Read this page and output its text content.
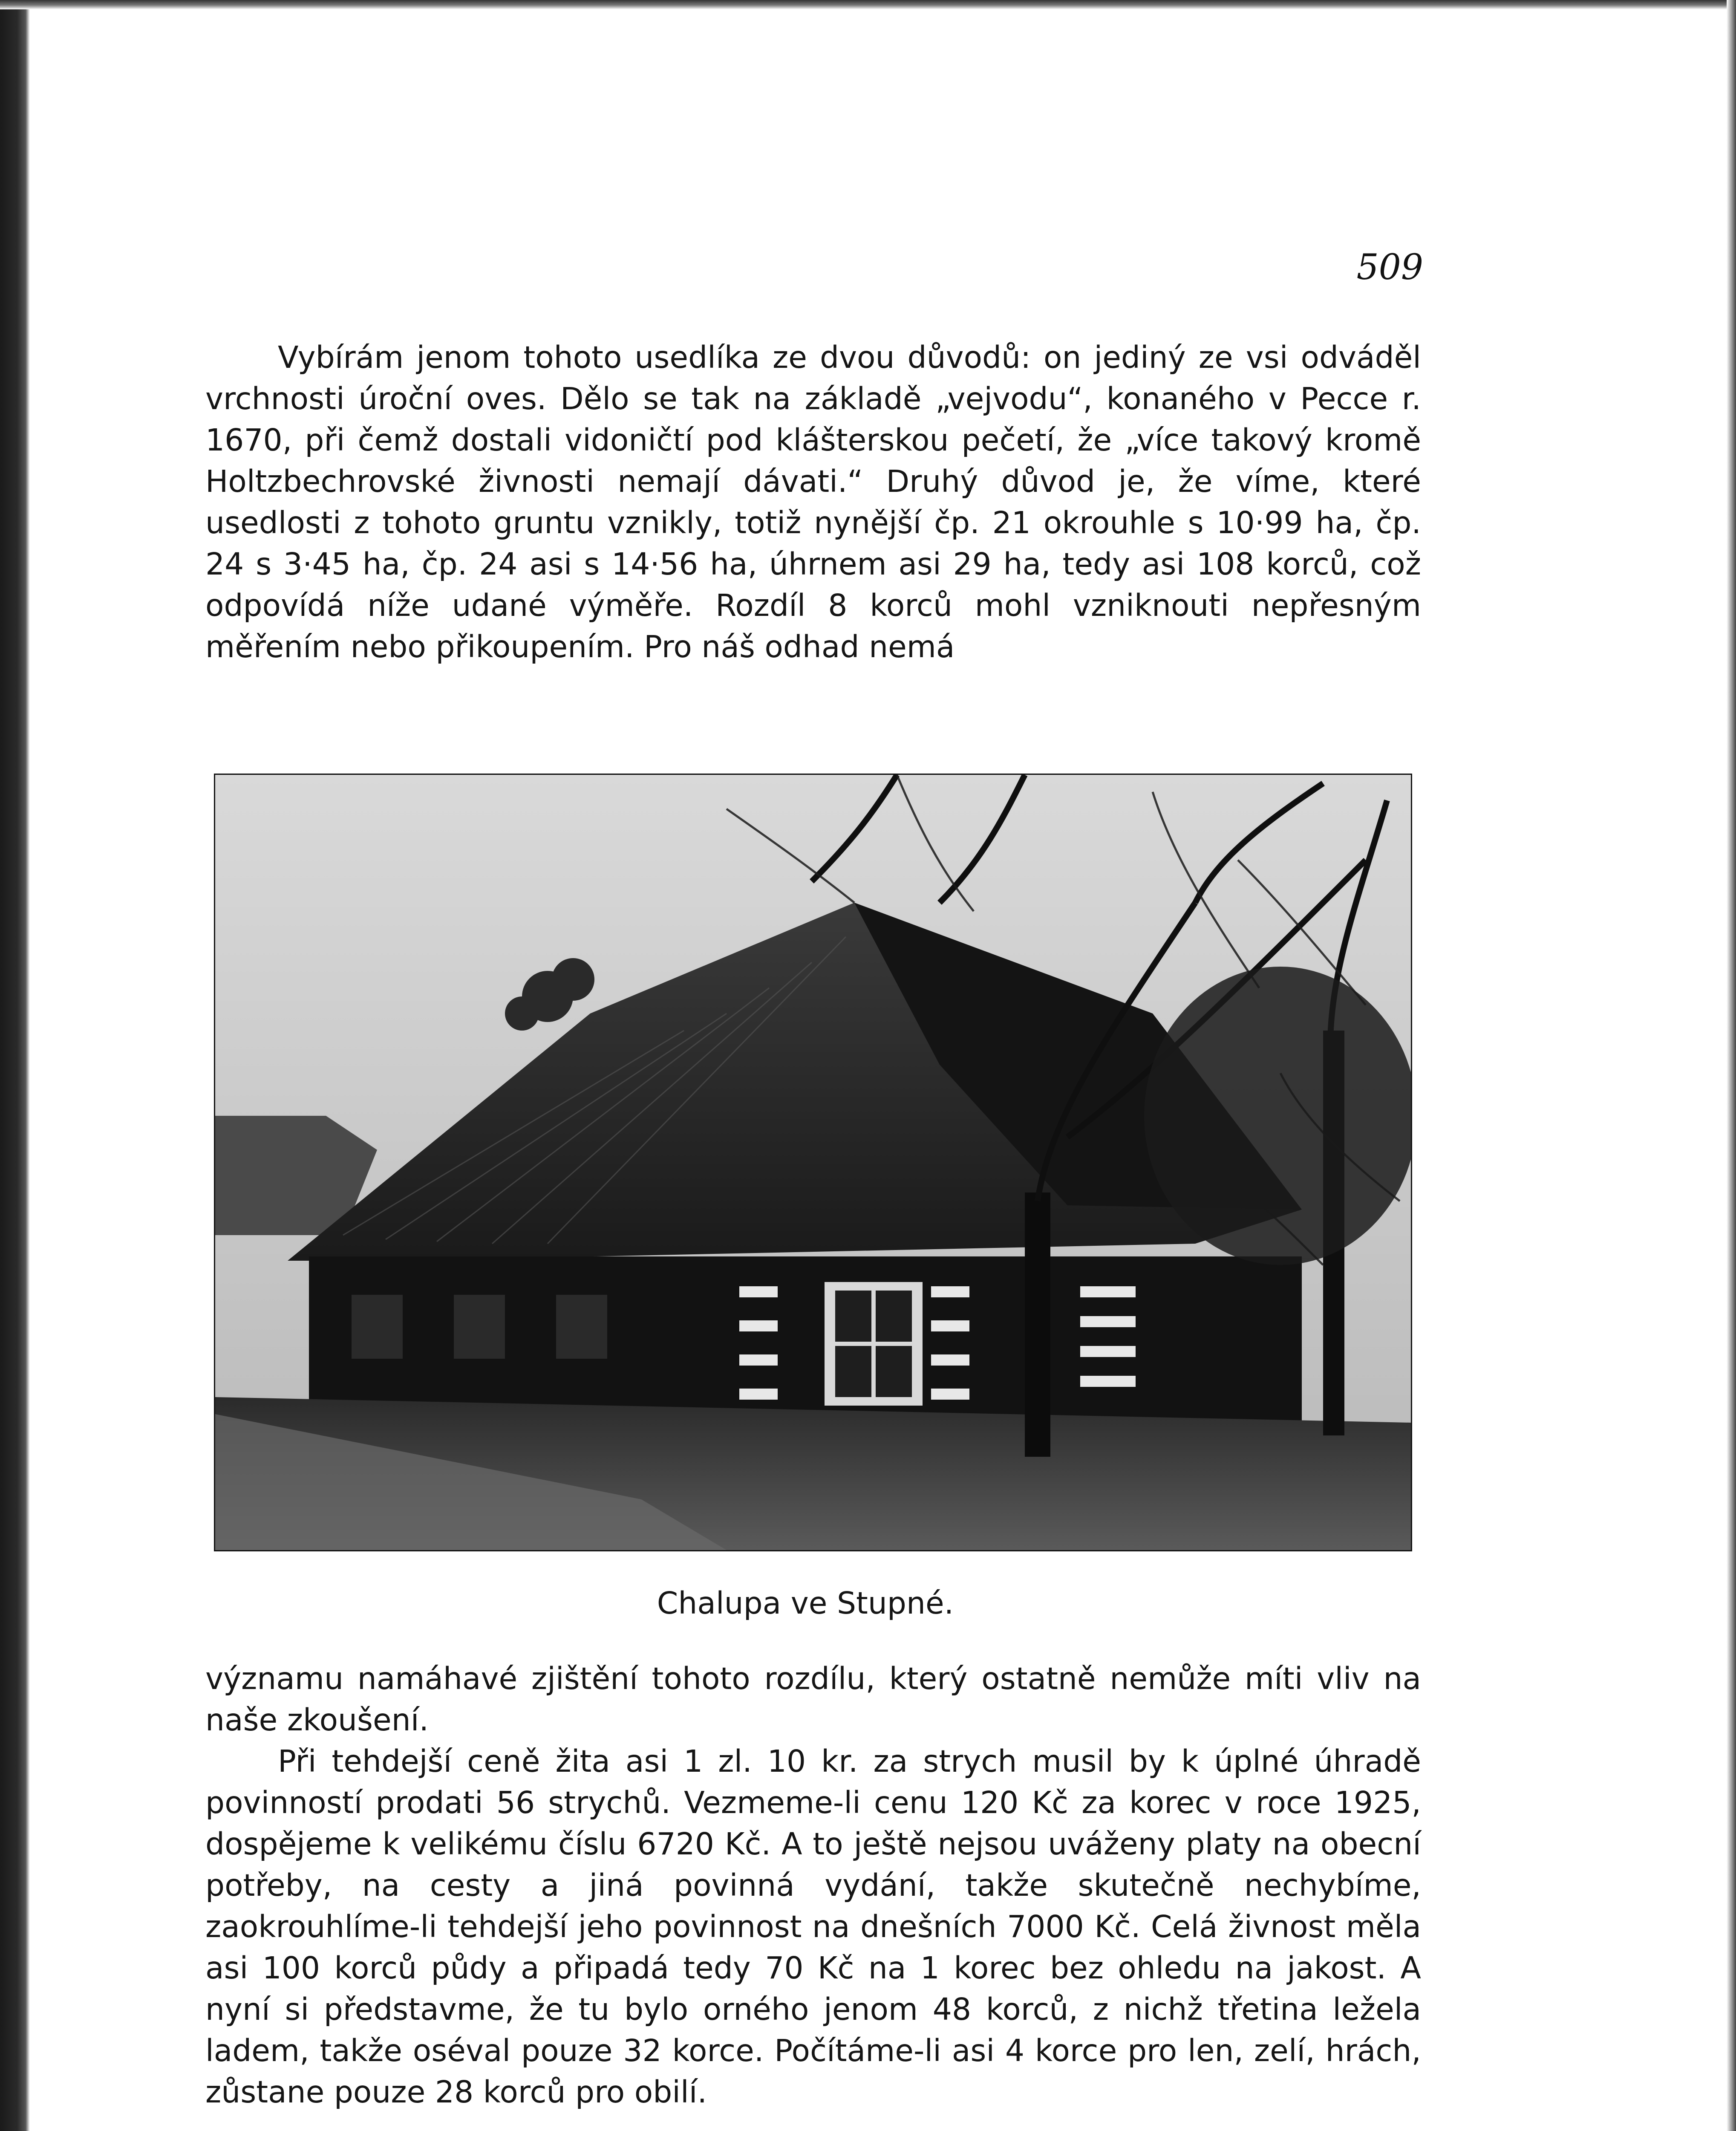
509

Vybírám jenom tohoto usedlíka ze dvou důvodů: on jediný ze vsi odváděl vrchnosti úroční oves. Dělo se tak na základě „vejvodu“, konaného v Pecce r. 1670, při čemž dostali vidoničtí pod klášterskou pečetí, že „více takový kromě Holtzbechrovské živnosti nemají dávati.“ Druhý důvod je, že víme, které usedlosti z tohoto gruntu vznikly, totiž nynější čp. 21 okrouhle s 10·99 ha, čp. 24 s 3·45 ha, čp. 24 asi s 14·56 ha, úhrnem asi 29 ha, tedy asi 108 korců, což odpovídá níže udané výměře. Rozdíl 8 korců mohl vzniknouti nepřesným měřením nebo přikoupením. Pro náš odhad nemá

Chalupa ve Stupné.

významu namáhavé zjištění tohoto rozdílu, který ostatně nemůže míti vliv na naše zkoušení.

Při tehdejší ceně žita asi 1 zl. 10 kr. za strych musil by k úplné úhradě povinností prodati 56 strychů. Vezmeme-li cenu 120 Kč za korec v roce 1925, dospějeme k velikému číslu 6720 Kč. A to ještě nejsou uváženy platy na obecní potřeby, na cesty a jiná povinná vydání, takže skutečně nechybíme, zaokrouhlíme-li tehdejší jeho povinnost na dnešních 7000 Kč. Celá živnost měla asi 100 korců půdy a připadá tedy 70 Kč na 1 korec bez ohledu na jakost. A nyní si představme, že tu bylo orného jenom 48 korců, z nichž třetina ležela ladem, takže oséval pouze 32 korce. Počítáme-li asi 4 korce pro len, zelí, hrách, zůstane pouze 28 korců pro obilí.
